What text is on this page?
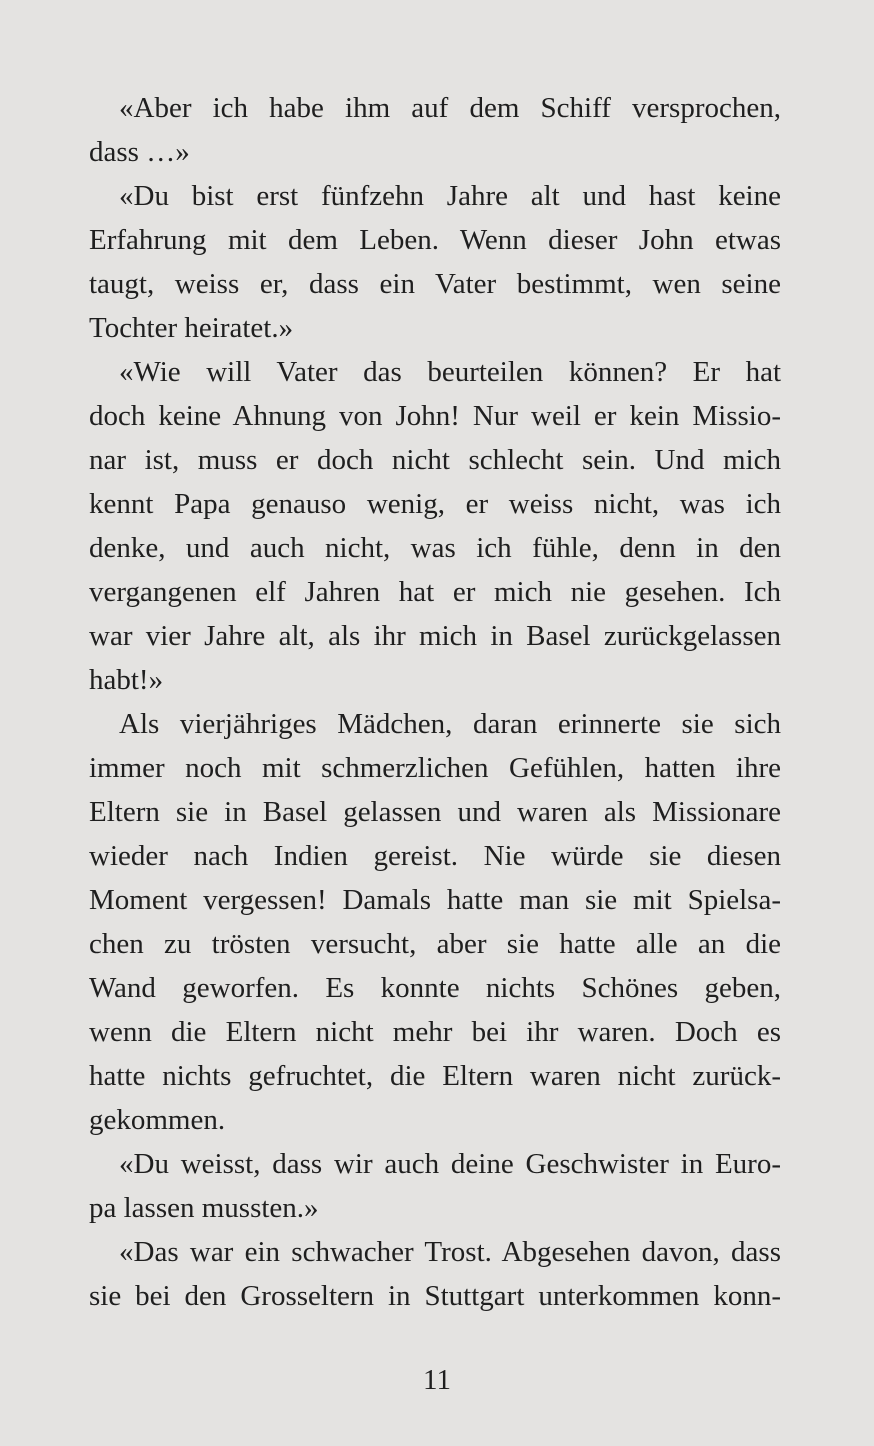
«Aber ich habe ihm auf dem Schiff versprochen,
dass …»
«Du bist erst fünfzehn Jahre alt und hast keine
Erfahrung mit dem Leben. Wenn dieser John etwas
taugt, weiss er, dass ein Vater bestimmt, wen seine
Tochter heiratet.»
«Wie will Vater das beurteilen können? Er hat
doch keine Ahnung von John! Nur weil er kein Missio-
nar ist, muss er doch nicht schlecht sein. Und mich
kennt Papa genauso wenig, er weiss nicht, was ich
denke, und auch nicht, was ich fühle, denn in den
vergangenen elf Jahren hat er mich nie gesehen. Ich
war vier Jahre alt, als ihr mich in Basel zurückgelassen
habt!»
Als vierjähriges Mädchen, daran erinnerte sie sich
immer noch mit schmerzlichen Gefühlen, hatten ihre
Eltern sie in Basel gelassen und waren als Missionare
wieder nach Indien gereist. Nie würde sie diesen
Moment vergessen! Damals hatte man sie mit Spielsa-
chen zu trösten versucht, aber sie hatte alle an die
Wand geworfen. Es konnte nichts Schönes geben,
wenn die Eltern nicht mehr bei ihr waren. Doch es
hatte nichts gefruchtet, die Eltern waren nicht zurück-
gekommen.
«Du weisst, dass wir auch deine Geschwister in Euro-
pa lassen mussten.»
«Das war ein schwacher Trost. Abgesehen davon, dass
sie bei den Grosseltern in Stuttgart unterkommen konn-
11
